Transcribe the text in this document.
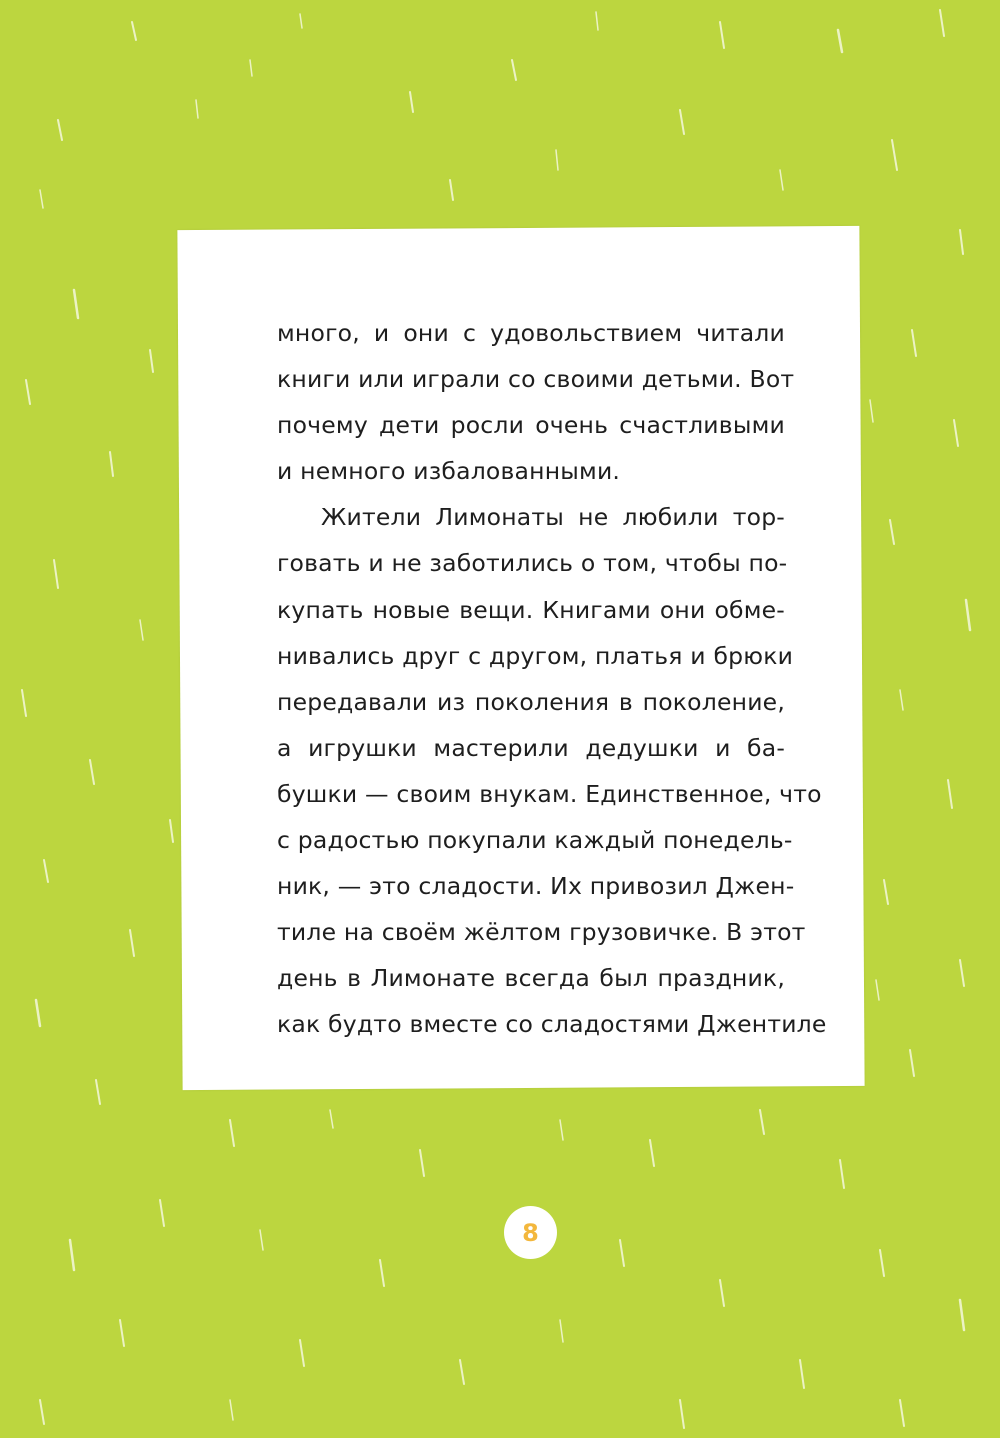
много, и они с удовольствием читали
книги или играли со своими детьми. Вот
почему дети росли очень счастливыми
и немного избалованными.
Жители Лимонаты не любили тор-
говать и не заботились о том, чтобы по-
купать новые вещи. Книгами они обме-
нивались друг с другом, платья и брюки
передавали из поколения в поколение,
а игрушки мастерили дедушки и ба-
бушки — своим внукам. Единственное, что
с радостью покупали каждый понедель-
ник, — это сладости. Их привозил Джен-
тиле на своём жёлтом грузовичке. В этот
день в Лимонате всегда был праздник,
как будто вместе со сладостями Джентиле
8
